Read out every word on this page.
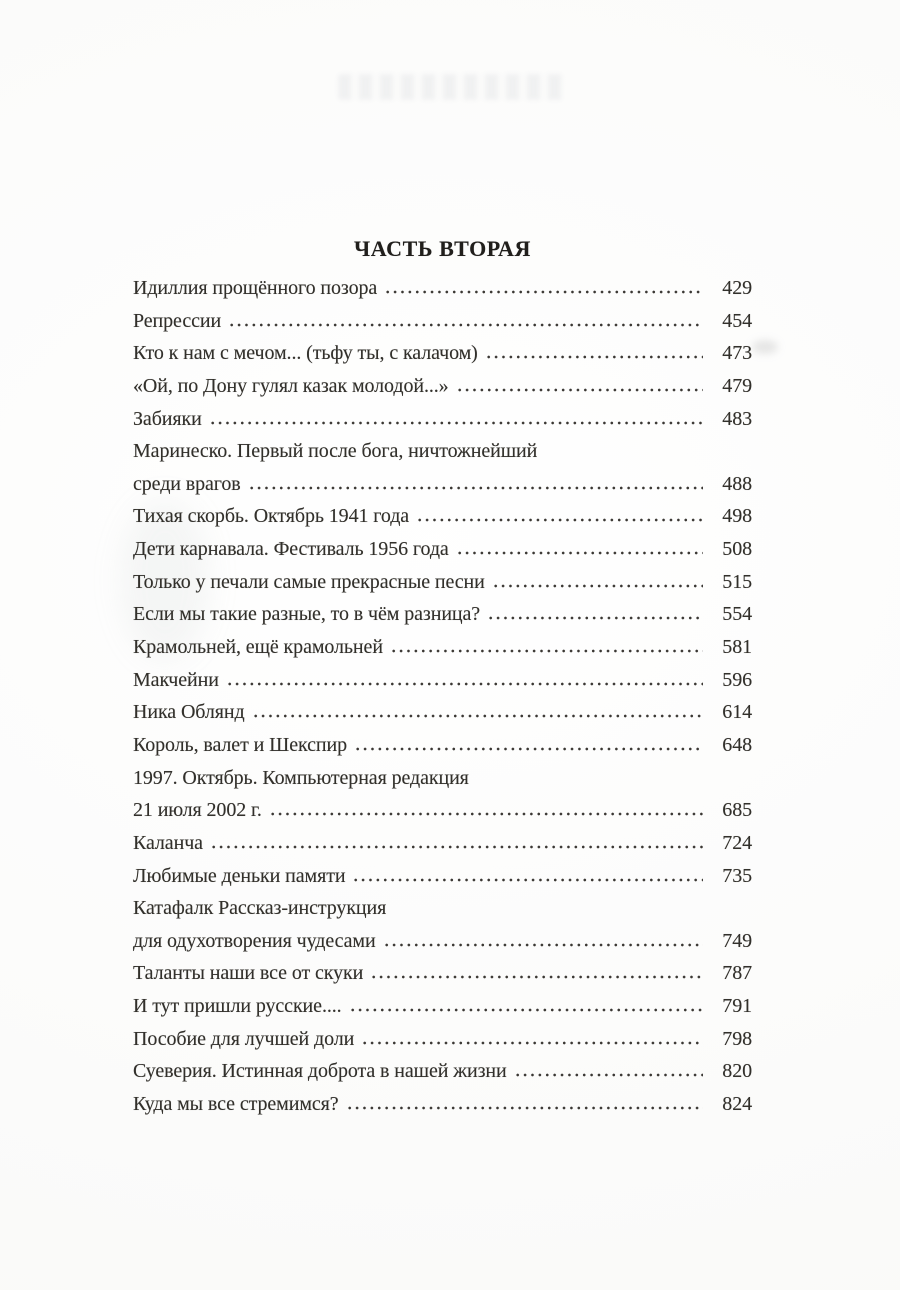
ЧАСТЬ ВТОРАЯ
Идиллия прощённого позора	429
Репрессии	454
Кто к нам с мечом... (тьфу ты, с калачом)	473
«Ой, по Дону гулял казак молодой...»	479
Забияки	483
Маринеско. Первый после бога, ничтожнейший
среди врагов	488
Тихая скорбь. Октябрь 1941 года	498
Дети карнавала. Фестиваль 1956 года	508
Только у печали самые прекрасные песни	515
Если мы такие разные, то в чём разница?	554
Крамольней, ещё крамольней	581
Макчейни	596
Ника Облянд	614
Король, валет и Шекспир	648
1997. Октябрь. Компьютерная редакция
21 июля 2002 г.	685
Каланча	724
Любимые деньки памяти	735
Катафалк Рассказ-инструкция
для одухотворения чудесами	749
Таланты наши все от скуки	787
И тут пришли русские....	791
Пособие для лучшей доли	798
Суеверия. Истинная доброта в нашей жизни	820
Куда мы все стремимся?	824
